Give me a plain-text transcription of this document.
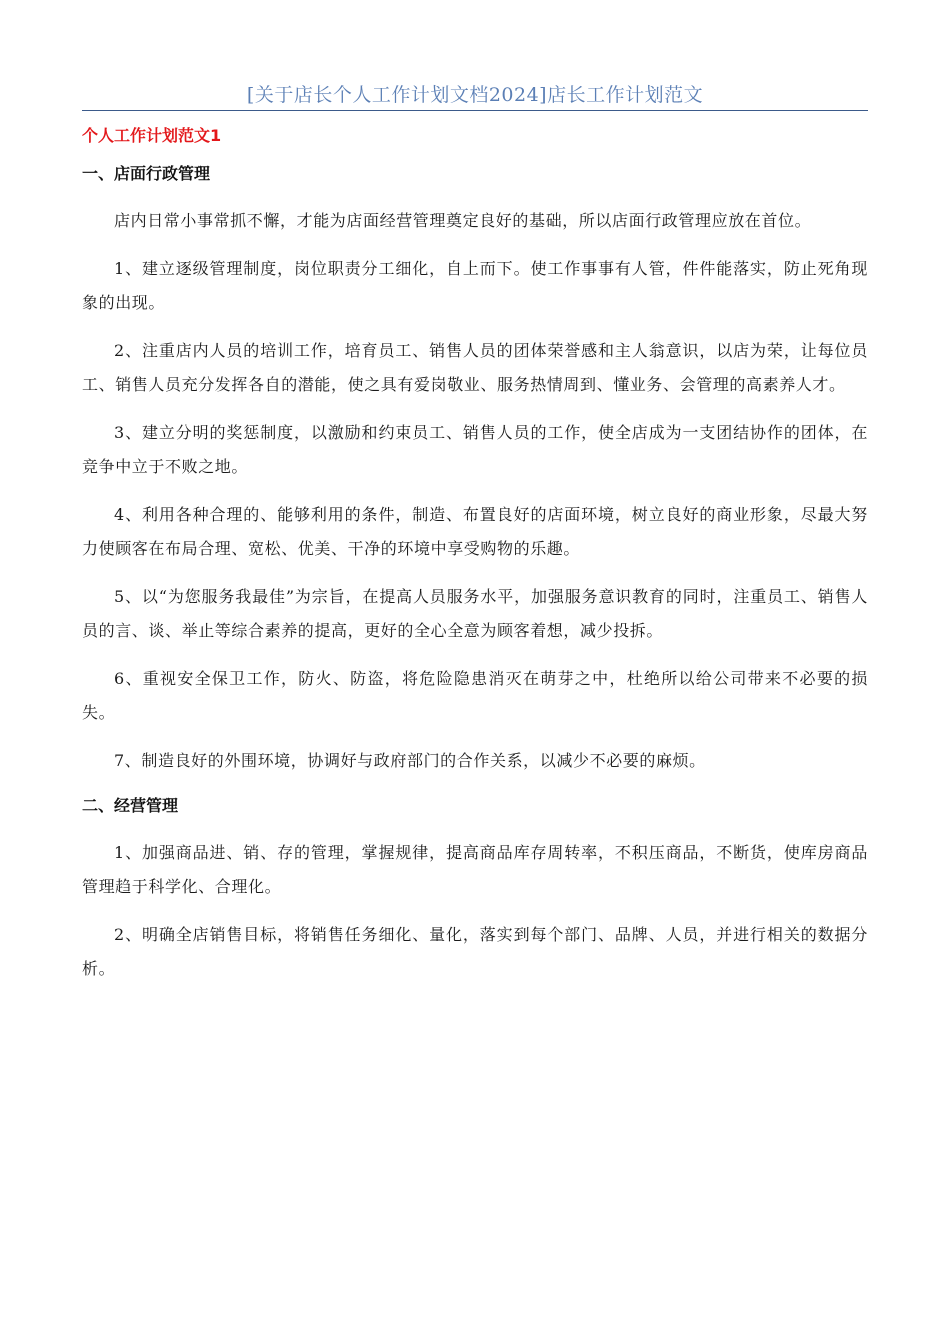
[关于店长个人工作计划文档2024]店长工作计划范文
个人工作计划范文1
一、店面行政管理

店内日常小事常抓不懈，才能为店面经营管理奠定良好的基础，所以店面行政管理应放在首位。

1、建立逐级管理制度，岗位职责分工细化，自上而下。使工作事事有人管，件件能落实，防止死角现象的出现。

2、注重店内人员的培训工作，培育员工、销售人员的团体荣誉感和主人翁意识，以店为荣，让每位员工、销售人员充分发挥各自的潜能，使之具有爱岗敬业、服务热情周到、懂业务、会管理的高素养人才。

3、建立分明的奖惩制度，以激励和约束员工、销售人员的工作，使全店成为一支团结协作的团体，在竞争中立于不败之地。

4、利用各种合理的、能够利用的条件，制造、布置良好的店面环境，树立良好的商业形象，尽最大努力使顾客在布局合理、宽松、优美、干净的环境中享受购物的乐趣。

5、以“为您服务我最佳”为宗旨，在提高人员服务水平，加强服务意识教育的同时，注重员工、销售人员的言、谈、举止等综合素养的提高，更好的全心全意为顾客着想，减少投拆。

6、重视安全保卫工作，防火、防盗，将危险隐患消灭在萌芽之中，杜绝所以给公司带来不必要的损失。

7、制造良好的外围环境，协调好与政府部门的合作关系，以减少不必要的麻烦。

二、经营管理

1、加强商品进、销、存的管理，掌握规律，提高商品库存周转率，不积压商品，不断货，使库房商品管理趋于科学化、合理化。

2、明确全店销售目标，将销售任务细化、量化，落实到每个部门、品牌、人员，并进行相关的数据分析。
